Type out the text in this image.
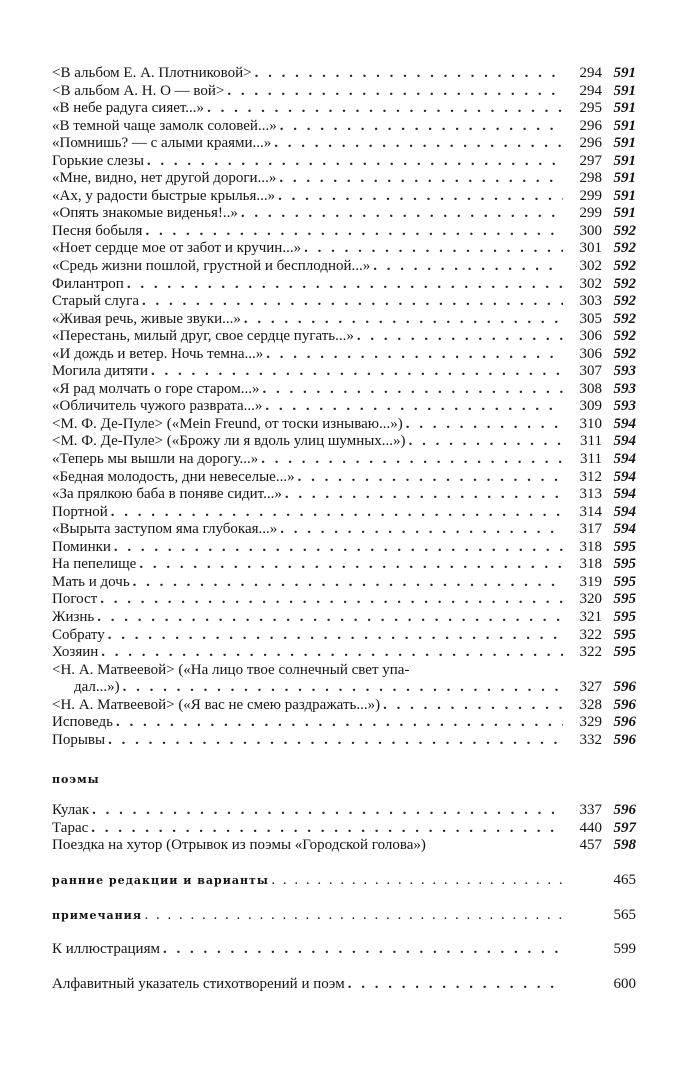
<В альбом Е. А. Плотниковой> . . .	294 591
<В альбом А. Н. О — вой> . . .	294 591
«В небе радуга сияет...» . . .	295 591
«В темной чаще замолк соловей...» . . .	296 591
«Помнишь? — с алыми краями...» . . .	296 591
Горькие слезы . . .	297 591
«Мне, видно, нет другой дороги...» . . .	298 591
«Ах, у радости быстрые крылья...» . . .	299 591
«Опять знакомые виденья!..» . . .	299 591
Песня бобыля . . .	300 592
«Ноет сердце мое от забот и кручин...» . . .	301 592
«Средь жизни пошлой, грустной и бесплодной...» . . .	302 592
Филантроп . . .	302 592
Старый слуга . . .	303 592
«Живая речь, живые звуки...» . . .	305 592
«Перестань, милый друг, свое сердце пугать...» . . .	306 592
«И дождь и ветер. Ночь темна...» . . .	306 592
Могила дитяти . . .	307 593
«Я рад молчать о горе старом...» . . .	308 593
«Обличитель чужого разврата...» . . .	309 593
<М. Ф. Де-Пуле> («Mein Freund, от тоски изнываю...») . . .	310 594
<М. Ф. Де-Пуле> («Брожу ли я вдоль улиц шумных...») . . .	311 594
«Теперь мы вышли на дорогу...» . . .	311 594
«Бедная молодость, дни невеселые...» . . .	312 594
«За прялкою баба в поняве сидит...» . . .	313 594
Портной . . .	314 594
«Вырыта заступом яма глубокая...» . . .	317 594
Поминки . . .	318 595
На пепелище . . .	318 595
Мать и дочь . . .	319 595
Погост . . .	320 595
Жизнь . . .	321 595
Собрату . . .	322 595
Хозяин . . .	322 595
<Н. А. Матвеевой> («На лицо твое солнечный свет упа-
дал...») . . .	327 596
<Н. А. Матвеевой> («Я вас не смею раздражать...») . . .	328 596
Исповедь . . .	329 596
Порывы . . .	332 596
поэмы
Кулак . . .	337 596
Тарас . . .	440 597
Поездка на хутор (Отрывок из поэмы «Городской голова»)	457 598
ранние редакции и варианты . . .	465
примечания . . .	565
К иллюстрациям . . .	599
Алфавитный указатель стихотворений и поэм . . .	600
